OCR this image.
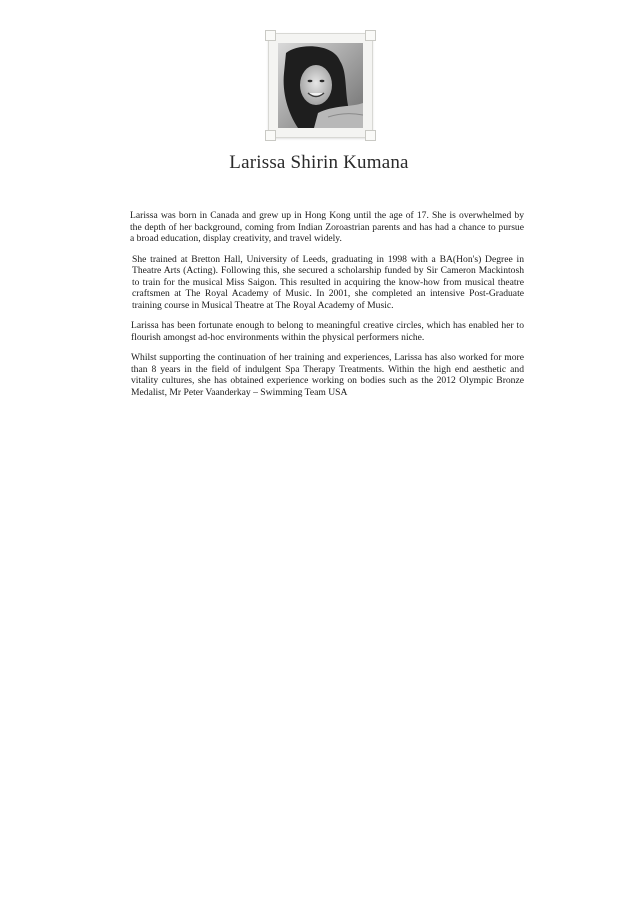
Larissa Shirin Kumana

Larissa was born in Canada and grew up in Hong Kong until the age of 17. She is overwhelmed by the depth of her background, coming from Indian Zoroastrian parents and has had a chance to pursue a broad education, display creativity, and travel widely.

She trained at Bretton Hall, University of Leeds, graduating in 1998 with a BA(Hon's) Degree in Theatre Arts (Acting). Following this, she secured a scholarship funded by Sir Cameron Mackintosh to train for the musical Miss Saigon. This resulted in acquiring the know-how from musical theatre craftsmen at The Royal Academy of Music. In 2001, she completed an intensive Post-Graduate training course in Musical Theatre at The Royal Academy of Music.

Larissa has been fortunate enough to belong to meaningful creative circles, which has enabled her to flourish amongst ad-hoc environments within the physical performers niche.

Whilst supporting the continuation of her training and experiences, Larissa has also worked for more than 8 years in the field of indulgent Spa Therapy Treatments. Within the high end aesthetic and vitality cultures, she has obtained experience working on bodies such as the 2012 Olympic Bronze Medalist, Mr Peter Vaanderkay – Swimming Team USA
